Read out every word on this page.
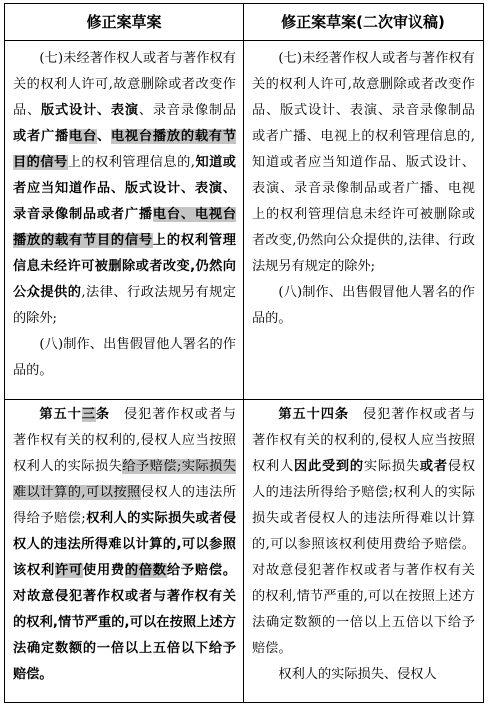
修正案草案	修正案草案(二次审议稿)

(七)未经著作权人或者与著作权有关的权利人许可,故意删除或者改变作品、版式设计、表演、录音录像制品或者广播电台、电视台播放的载有节目的信号上的权利管理信息的,知道或者应当知道作品、版式设计、表演、录音录像制品或者广播电台、电视台播放的载有节目的信号上的权利管理信息未经许可被删除或者改变,仍然向公众提供的,法律、行政法规另有规定的除外;

(八)制作、出售假冒他人署名的作品的。

(七)未经著作权人或者与著作权有关的权利人许可,故意删除或者改变作品、版式设计、表演、录音录像制品或者广播、电视上的权利管理信息的,知道或者应当知道作品、版式设计、表演、录音录像制品或者广播、电视上的权利管理信息未经许可被删除或者改变,仍然向公众提供的,法律、行政法规另有规定的除外;

(八)制作、出售假冒他人署名的作品的。

第五十三条　侵犯著作权或者与著作权有关的权利的,侵权人应当按照权利人的实际损失给予赔偿;实际损失难以计算的,可以按照侵权人的违法所得给予赔偿;权利人的实际损失或者侵权人的违法所得难以计算的,可以参照该权利许可使用费的倍数给予赔偿。对故意侵犯著作权或者与著作权有关的权利,情节严重的,可以在按照上述方法确定数额的一倍以上五倍以下给予赔偿。

第五十四条　侵犯著作权或者与著作权有关的权利的,侵权人应当按照权利人因此受到的实际损失或者侵权人的违法所得给予赔偿;权利人的实际损失或者侵权人的违法所得难以计算的,可以参照该权利使用费给予赔偿。对故意侵犯著作权或者与著作权有关的权利,情节严重的,可以在按照上述方法确定数额的一倍以上五倍以下给予赔偿。

权利人的实际损失、侵权人
